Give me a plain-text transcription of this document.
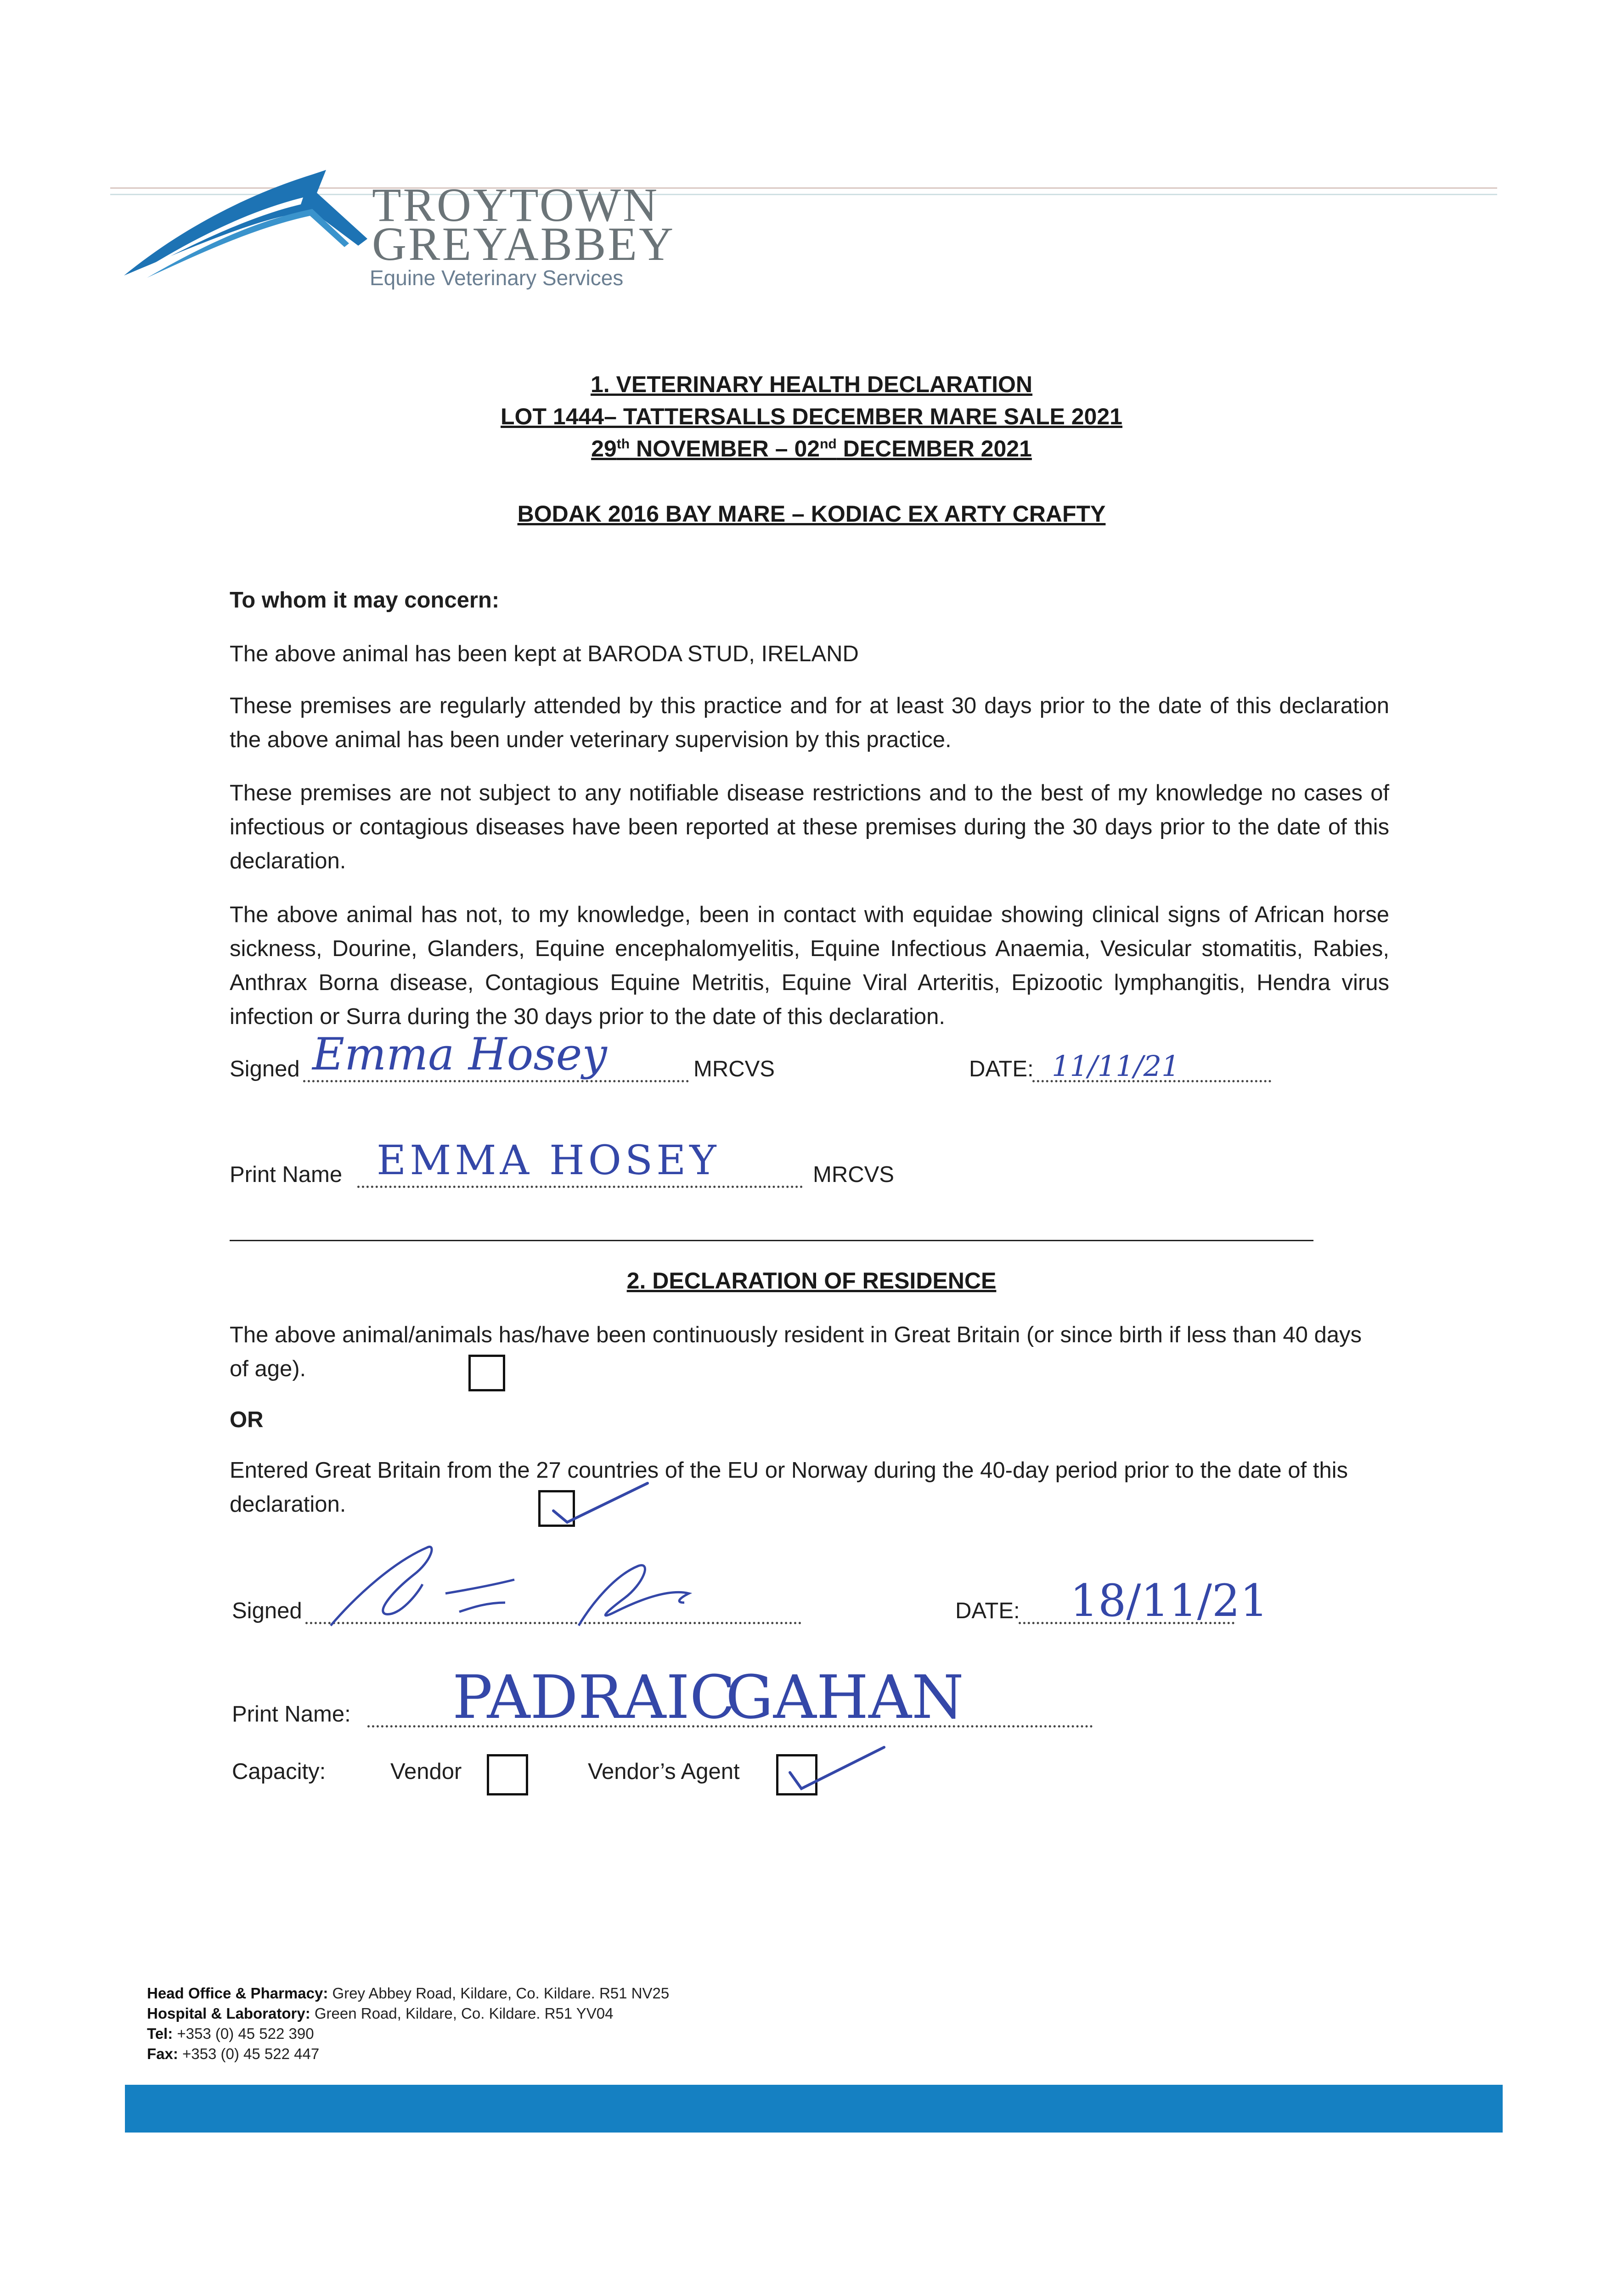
TROYTOWN
GREYABBEY
Equine Veterinary Services
1. VETERINARY HEALTH DECLARATION
LOT 1444– TATTERSALLS DECEMBER MARE SALE 2021
29th NOVEMBER – 02nd DECEMBER 2021
BODAK 2016 BAY MARE – KODIAC EX ARTY CRAFTY
To whom it may concern:
The above animal has been kept at BARODA STUD, IRELAND
These premises are regularly attended by this practice and for at least 30 days prior to the date of this declaration the above animal has been under veterinary supervision by this practice.
These premises are not subject to any notifiable disease restrictions and to the best of my knowledge no cases of infectious or contagious diseases have been reported at these premises during the 30 days prior to the date of this declaration.
The above animal has not, to my knowledge, been in contact with equidae showing clinical signs of African horse sickness, Dourine, Glanders, Equine encephalomyelitis, Equine Infectious Anaemia, Vesicular stomatitis, Rabies, Anthrax Borna disease, Contagious Equine Metritis, Equine Viral Arteritis, Epizootic lymphangitis, Hendra virus infection or Surra during the 30 days prior to the date of this declaration.
Signed Emma Hosey	MRCVS	DATE: 11/11/21
Print Name EMMA HOSEY	MRCVS
2. DECLARATION OF RESIDENCE
The above animal/animals has/have been continuously resident in Great Britain (or since birth if less than 40 days of age).
OR
Entered Great Britain from the 27 countries of the EU or Norway during the 40-day period prior to the date of this declaration.
Signed	DATE: 18/11/21
Print Name: PADRAIC
GAHAN
Capacity:	Vendor	Vendor’s Agent
Head Office & Pharmacy: Grey Abbey Road, Kildare, Co. Kildare. R51 NV25
Hospital & Laboratory: Green Road, Kildare, Co. Kildare. R51 YV04
Tel: +353 (0) 45 522 390
Fax: +353 (0) 45 522 447
